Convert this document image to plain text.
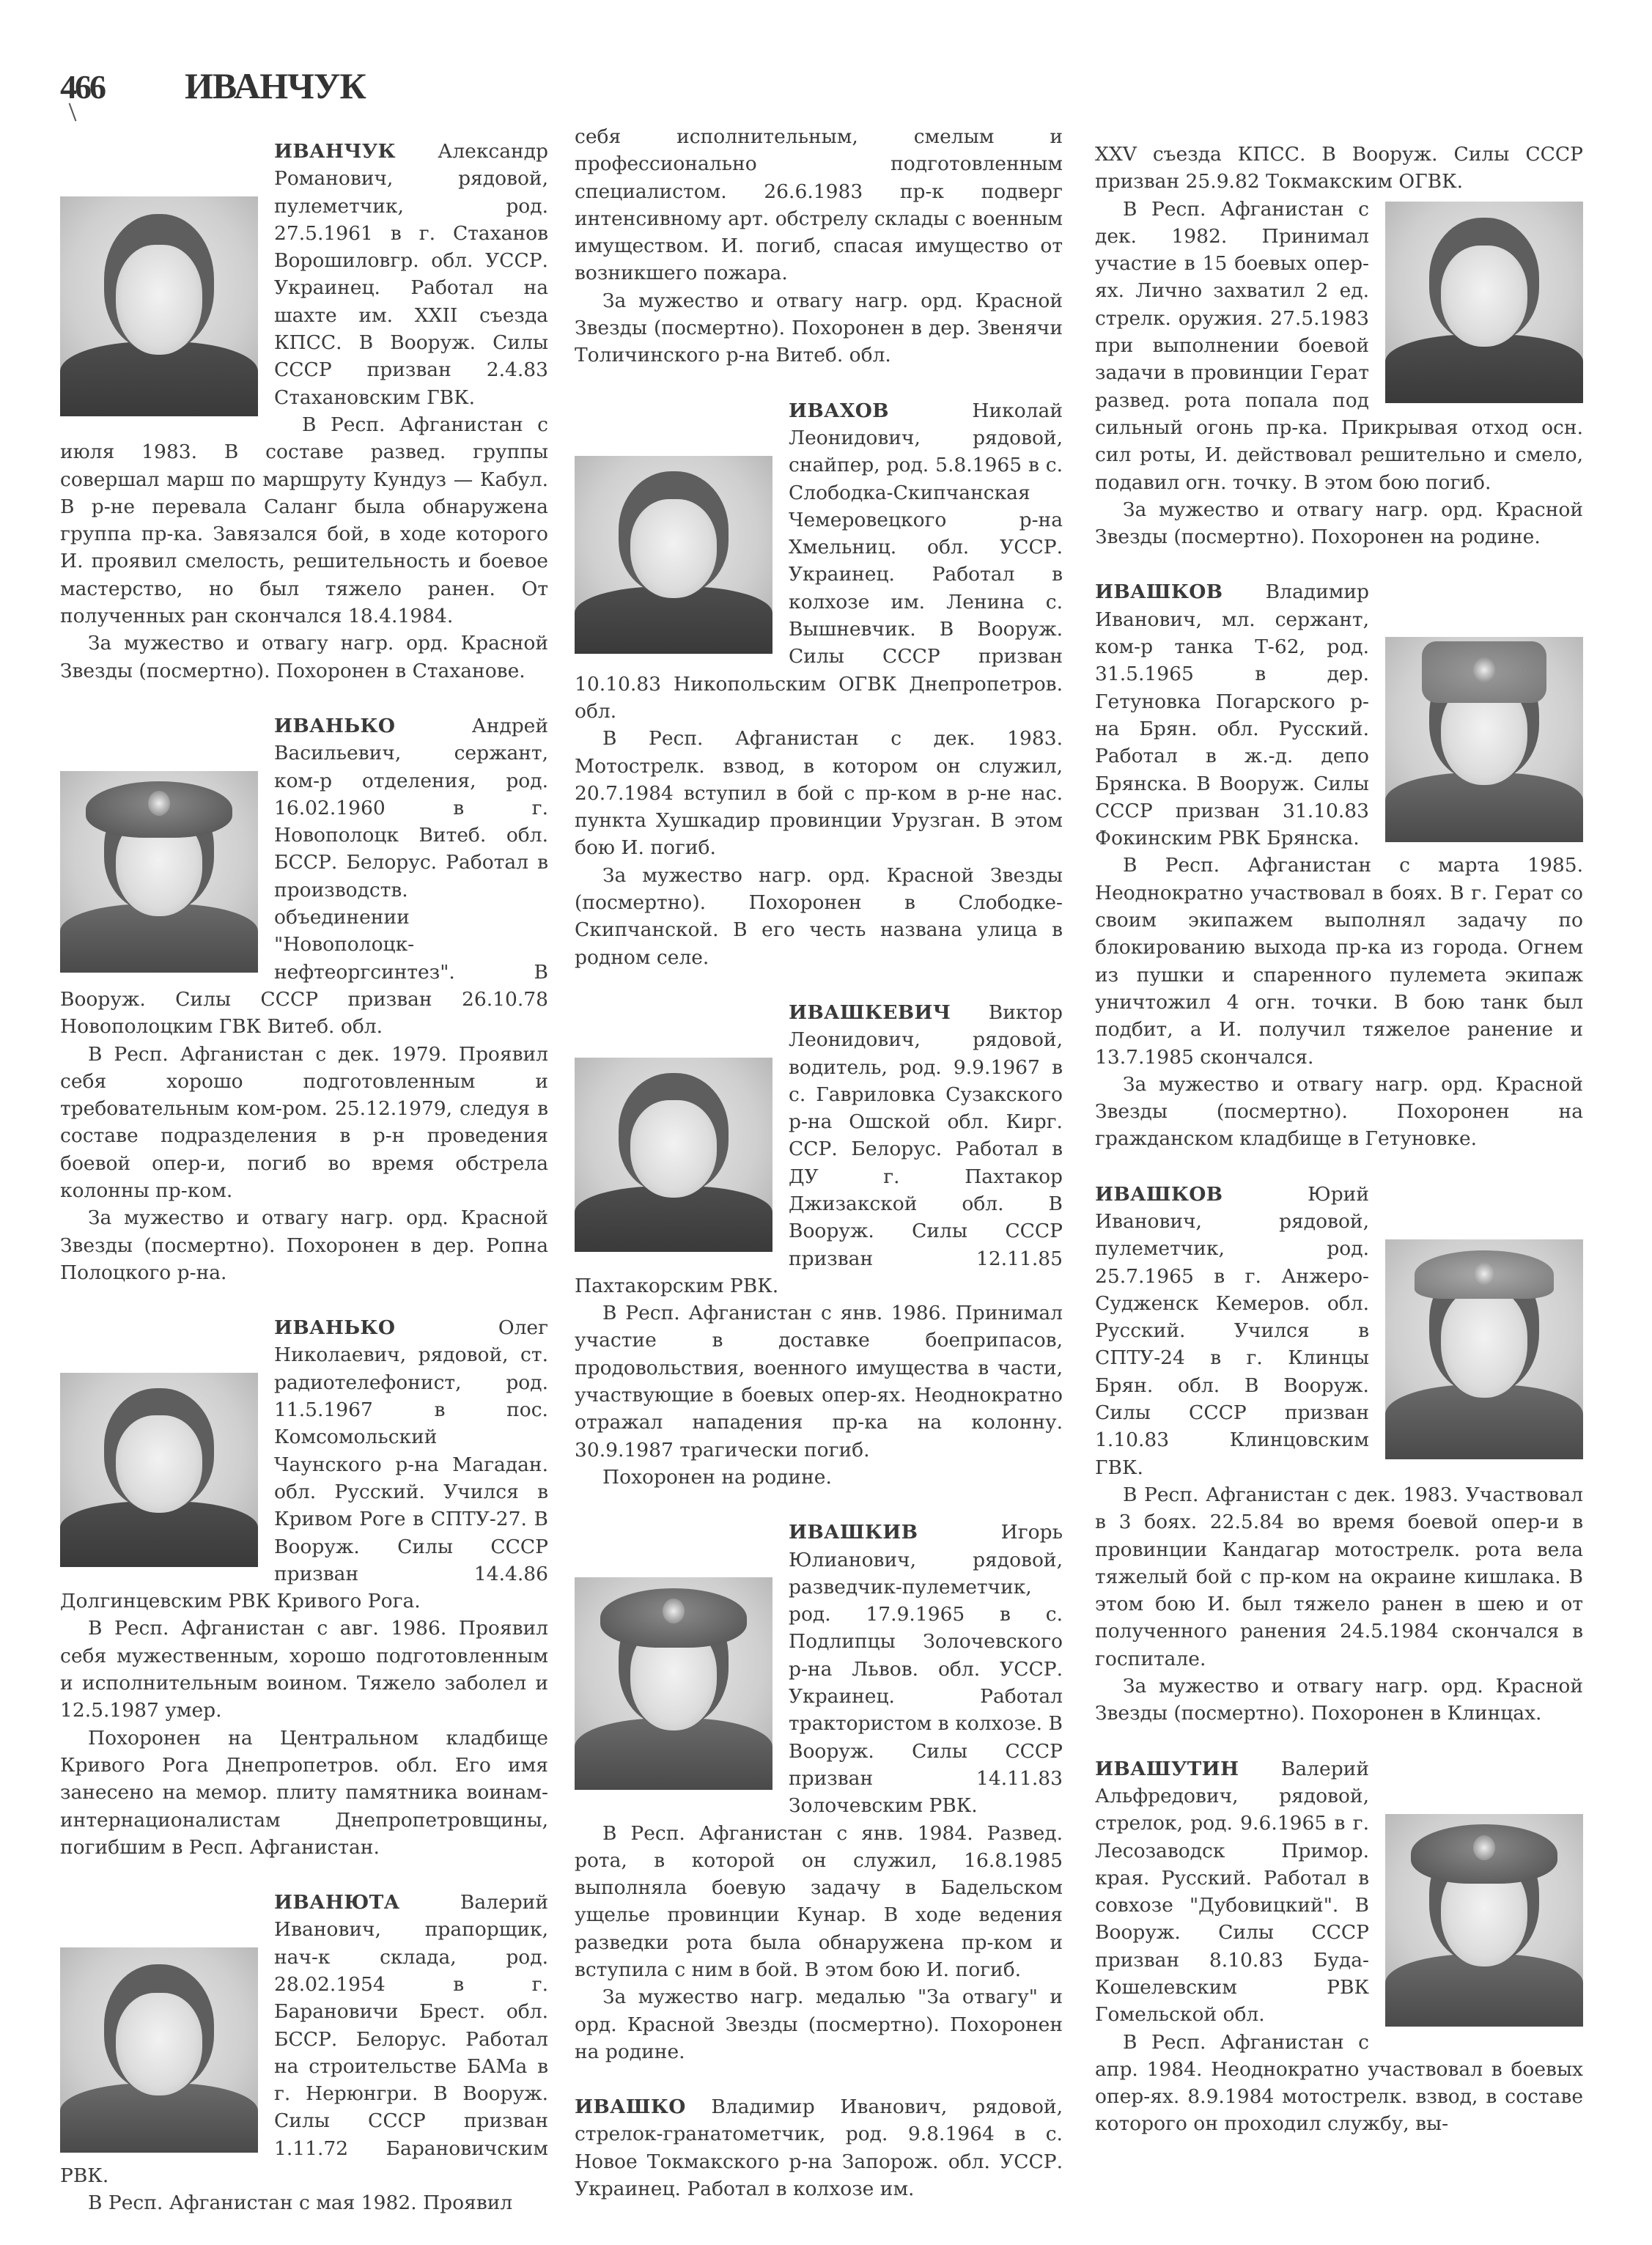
466 ИВАНЧУК

ИВАНЧУК Александр Романович, рядовой, пулеметчик, род. 27.5.1961 в г. Стаханов Ворошиловгр. обл. УССР. Украинец. Работал на шахте им. XXII съезда КПСС. В Вооруж. Силы СССР призван 2.4.83 Стахановским ГВК.

В Респ. Афганистан с июля 1983. В составе развед. группы совершал марш по маршруту Кундуз — Кабул. В р-не перевала Саланг была обнаружена группа пр-ка. Завязался бой, в ходе которого И. проявил смелость, решительность и боевое мастерство, но был тяжело ранен. От полученных ран скончался 18.4.1984.

За мужество и отвагу нагр. орд. Красной Звезды (посмертно). Похоронен в Стаханове.

ИВАНЬКО Андрей Васильевич, сержант, ком-р отделения, род. 16.02.1960 в г. Новополоцк Витеб. обл. БССР. Белорус. Работал в производств. объединении "Новополоцк-нефтеоргсинтез". В Вооруж. Силы СССР призван 26.10.78 Новополоцким ГВК Витеб. обл.

В Респ. Афганистан с дек. 1979. Проявил себя хорошо подготовленным и требовательным ком-ром. 25.12.1979, следуя в составе подразделения в р-н проведения боевой опер-и, погиб во время обстрела колонны пр-ком.

За мужество и отвагу нагр. орд. Красной Звезды (посмертно). Похоронен в дер. Ропна Полоцкого р-на.

ИВАНЬКО Олег Николаевич, рядовой, ст. радиотелефонист, род. 11.5.1967 в пос. Комсомольский Чаунского р-на Магадан. обл. Русский. Учился в Кривом Роге в СПТУ-27. В Вооруж. Силы СССР призван 14.4.86 Долгинцевским РВК Кривого Рога.

В Респ. Афганистан с авг. 1986. Проявил себя мужественным, хорошо подготовленным и исполнительным воином. Тяжело заболел и 12.5.1987 умер.

Похоронен на Центральном кладбище Кривого Рога Днепропетров. обл. Его имя занесено на мемор. плиту памятника воинам-интернационалистам Днепропетровщины, погибшим в Респ. Афганистан.

ИВАНЮТА Валерий Иванович, прапорщик, нач-к склада, род. 28.02.1954 в г. Барановичи Брест. обл. БССР. Белорус. Работал на строительстве БАМа в г. Нерюнгри. В Вооруж. Силы СССР призван 1.11.72 Барановичским РВК.

В Респ. Афганистан с мая 1982. Проявил

себя исполнительным, смелым и профессионально подготовленным специалистом. 26.6.1983 пр-к подверг интенсивному арт. обстрелу склады с военным имуществом. И. погиб, спасая имущество от возникшего пожара.

За мужество и отвагу нагр. орд. Красной Звезды (посмертно). Похоронен в дер. Звенячи Толичинского р-на Витеб. обл.

ИВАХОВ Николай Леонидович, рядовой, снайпер, род. 5.8.1965 в с. Слободка-Скипчанская Чемеровецкого р-на Хмельниц. обл. УССР. Украинец. Работал в колхозе им. Ленина с. Вышневчик. В Вооруж. Силы СССР призван 10.10.83 Никопольским ОГВК Днепропетров. обл.

В Респ. Афганистан с дек. 1983. Мотострелк. взвод, в котором он служил, 20.7.1984 вступил в бой с пр-ком в р-не нас. пункта Хушкадир провинции Урузган. В этом бою И. погиб.

За мужество нагр. орд. Красной Звезды (посмертно). Похоронен в Слободке-Скипчанской. В его честь названа улица в родном селе.

ИВАШКЕВИЧ Виктор Леонидович, рядовой, водитель, род. 9.9.1967 в с. Гавриловка Сузакского р-на Ошской обл. Кирг. ССР. Белорус. Работал в ДУ г. Пахтакор Джизакской обл. В Вооруж. Силы СССР призван 12.11.85 Пахтакорским РВК.

В Респ. Афганистан с янв. 1986. Принимал участие в доставке боеприпасов, продовольствия, военного имущества в части, участвующие в боевых опер-ях. Неоднократно отражал нападения пр-ка на колонну. 30.9.1987 трагически погиб.

Похоронен на родине.

ИВАШКИВ Игорь Юлианович, рядовой, разведчик-пулеметчик, род. 17.9.1965 в с. Подлипцы Золочевского р-на Львов. обл. УССР. Украинец. Работал трактористом в колхозе. В Вооруж. Силы СССР призван 14.11.83 Золочевским РВК.

В Респ. Афганистан с янв. 1984. Развед. рота, в которой он служил, 16.8.1985 выполняла боевую задачу в Бадельском ущелье провинции Кунар. В ходе ведения разведки рота была обнаружена пр-ком и вступила с ним в бой. В этом бою И. погиб.

За мужество нагр. медалью "За отвагу" и орд. Красной Звезды (посмертно). Похоронен на родине.

ИВАШКО Владимир Иванович, рядовой, стрелок-гранатометчик, род. 9.8.1964 в с. Новое Токмакского р-на Запорож. обл. УССР. Украинец. Работал в колхозе им.

XXV съезда КПСС. В Вооруж. Силы СССР призван 25.9.82 Токмакским ОГВК.

В Респ. Афганистан с дек. 1982. Принимал участие в 15 боевых опер-ях. Лично захватил 2 ед. стрелк. оружия. 27.5.1983 при выполнении боевой задачи в провинции Герат развед. рота попала под сильный огонь пр-ка. Прикрывая отход осн. сил роты, И. действовал решительно и смело, подавил огн. точку. В этом бою погиб.

За мужество и отвагу нагр. орд. Красной Звезды (посмертно). Похоронен на родине.

ИВАШКОВ Владимир Иванович, мл. сержант, ком-р танка Т-62, род. 31.5.1965 в дер. Гетуновка Погарского р-на Брян. обл. Русский. Работал в ж.-д. депо Брянска. В Вооруж. Силы СССР призван 31.10.83 Фокинским РВК Брянска.

В Респ. Афганистан с марта 1985. Неоднократно участвовал в боях. В г. Герат со своим экипажем выполнял задачу по блокированию выхода пр-ка из города. Огнем из пушки и спаренного пулемета экипаж уничтожил 4 огн. точки. В бою танк был подбит, а И. получил тяжелое ранение и 13.7.1985 скончался.

За мужество и отвагу нагр. орд. Красной Звезды (посмертно). Похоронен на гражданском кладбище в Гетуновке.

ИВАШКОВ Юрий Иванович, рядовой, пулеметчик, род. 25.7.1965 в г. Анжеро-Судженск Кемеров. обл. Русский. Учился в СПТУ-24 в г. Клинцы Брян. обл. В Вооруж. Силы СССР призван 1.10.83 Клинцовским ГВК.

В Респ. Афганистан с дек. 1983. Участвовал в 3 боях. 22.5.84 во время боевой опер-и в провинции Кандагар мотострелк. рота вела тяжелый бой с пр-ком на окраине кишлака. В этом бою И. был тяжело ранен в шею и от полученного ранения 24.5.1984 скончался в госпитале.

За мужество и отвагу нагр. орд. Красной Звезды (посмертно). Похоронен в Клинцах.

ИВАШУТИН Валерий Альфредович, рядовой, стрелок, род. 9.6.1965 в г. Лесозаводск Примор. края. Русский. Работал в совхозе "Дубовицкий". В Вооруж. Силы СССР призван 8.10.83 Буда-Кошелевским РВК Гомельской обл.

В Респ. Афганистан с апр. 1984. Неоднократно участвовал в боевых опер-ях. 8.9.1984 мотострелк. взвод, в составе которого он проходил службу, вы-
